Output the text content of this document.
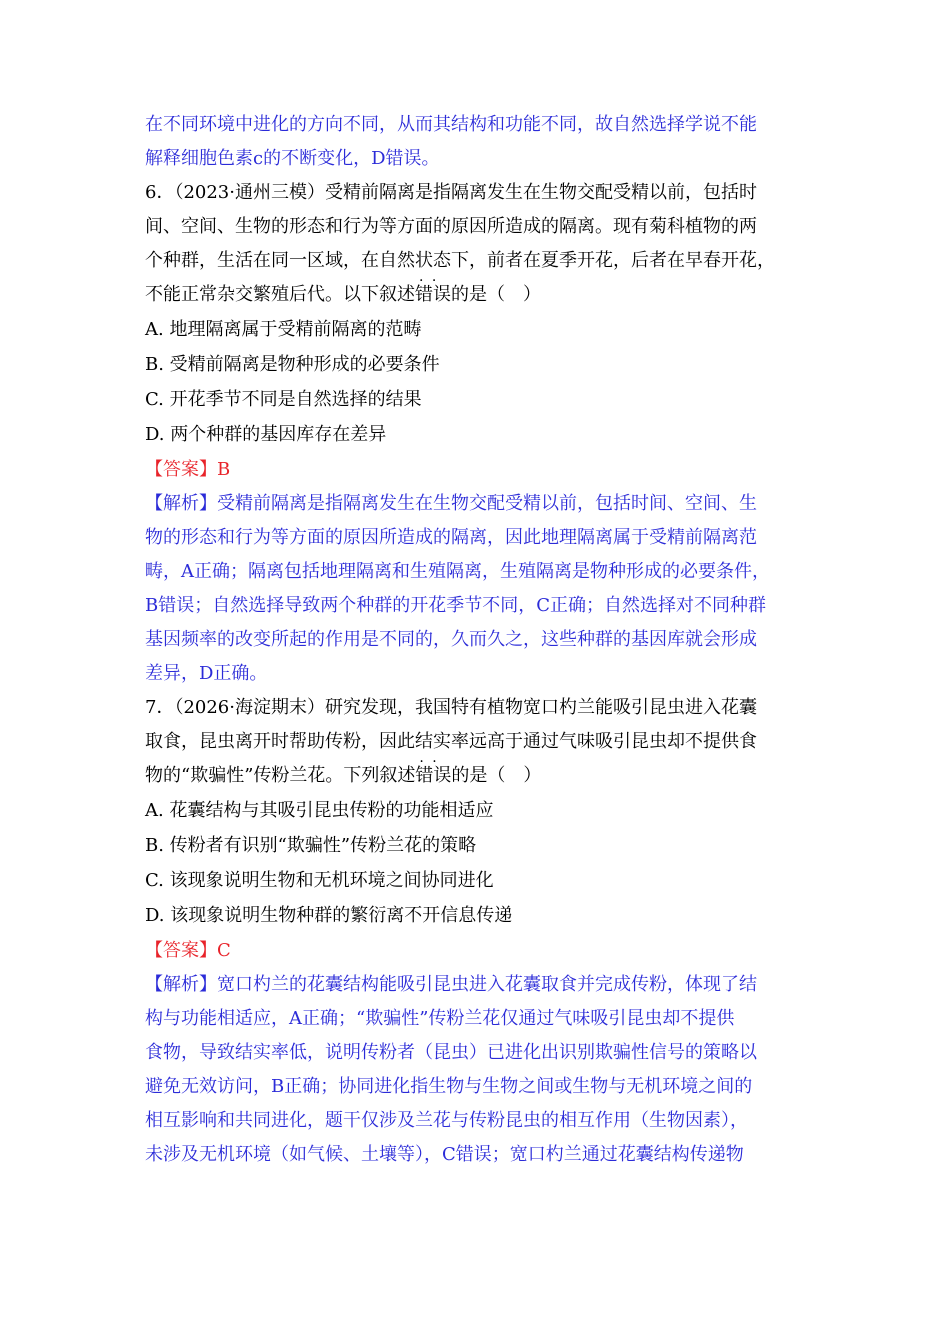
在不同环境中进化的方向不同，从而其结构和功能不同，故自然选择学说不能

解释细胞色素c的不断变化，D错误。

6．（2023·通州三模）受精前隔离是指隔离发生在生物交配受精以前，包括时

间、空间、生物的形态和行为等方面的原因所造成的隔离。现有菊科植物的两

个种群，生活在同一区域，在自然状态下，前者在夏季开花，后者在早春开花，

不能正常杂交繁殖后代。以下叙述错误 · ·的是（　）

A. 地理隔离属于受精前隔离的范畴

B. 受精前隔离是物种形成的必要条件

C. 开花季节不同是自然选择的结果

D. 两个种群的基因库存在差异

【答案】B

【解析】受精前隔离是指隔离发生在生物交配受精以前，包括时间、空间、生

物的形态和行为等方面的原因所造成的隔离，因此地理隔离属于受精前隔离范

畴，A正确；隔离包括地理隔离和生殖隔离，生殖隔离是物种形成的必要条件，

B错误；自然选择导致两个种群的开花季节不同，C正确；自然选择对不同种群

基因频率的改变所起的作用是不同的，久而久之，这些种群的基因库就会形成

差异，D正确。

7．（2026·海淀期末）研究发现，我国特有植物宽口杓兰能吸引昆虫进入花囊

取食，昆虫离开时帮助传粉，因此结实率远高于通过气味吸引昆虫却不提供食

物的“欺骗性”传粉兰花。下列叙述错误 · ·的是（　）

A. 花囊结构与其吸引昆虫传粉的功能相适应

B. 传粉者有识别“欺骗性”传粉兰花的策略

C. 该现象说明生物和无机环境之间协同进化

D. 该现象说明生物种群的繁衍离不开信息传递

【答案】C

【解析】宽口杓兰的花囊结构能吸引昆虫进入花囊取食并完成传粉，体现了结

构与功能相适应，A正确；“欺骗性”传粉兰花仅通过气味吸引昆虫却不提供

食物，导致结实率低，说明传粉者（昆虫）已进化出识别欺骗性信号的策略以

避免无效访问，B正确；协同进化指生物与生物之间或生物与无机环境之间的

相互影响和共同进化，题干仅涉及兰花与传粉昆虫的相互作用（生物因素），

未涉及无机环境（如气候、土壤等），C错误；宽口杓兰通过花囊结构传递物
